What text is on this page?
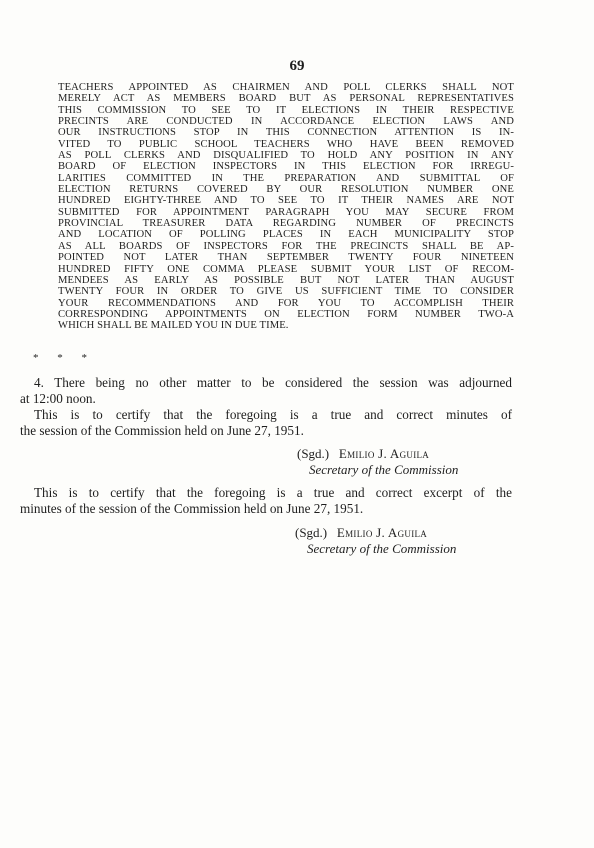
69
TEACHERS APPOINTED AS CHAIRMEN AND POLL CLERKS SHALL NOT
MERELY ACT AS MEMBERS BOARD BUT AS PERSONAL REPRESENTATIVES
THIS COMMISSION TO SEE TO IT ELECTIONS IN THEIR RESPECTIVE
PRECINTS ARE CONDUCTED IN ACCORDANCE ELECTION LAWS AND
OUR INSTRUCTIONS STOP IN THIS CONNECTION ATTENTION IS IN-
VITED TO PUBLIC SCHOOL TEACHERS WHO HAVE BEEN REMOVED
AS POLL CLERKS AND DISQUALIFIED TO HOLD ANY POSITION IN ANY
BOARD OF ELECTION INSPECTORS IN THIS ELECTION FOR IRREGU-
LARITIES COMMITTED IN THE PREPARATION AND SUBMITTAL OF
ELECTION RETURNS COVERED BY OUR RESOLUTION NUMBER ONE
HUNDRED EIGHTY-THREE AND TO SEE TO IT THEIR NAMES ARE NOT
SUBMITTED FOR APPOINTMENT PARAGRAPH YOU MAY SECURE FROM
PROVINCIAL TREASURER DATA REGARDING NUMBER OF PRECINCTS
AND LOCATION OF POLLING PLACES IN EACH MUNICIPALITY STOP
AS ALL BOARDS OF INSPECTORS FOR THE PRECINCTS SHALL BE AP-
POINTED NOT LATER THAN SEPTEMBER TWENTY FOUR NINETEEN
HUNDRED FIFTY ONE COMMA PLEASE SUBMIT YOUR LIST OF RECOM-
MENDEES AS EARLY AS POSSIBLE BUT NOT LATER THAN AUGUST
TWENTY FOUR IN ORDER TO GIVE US SUFFICIENT TIME TO CONSIDER
YOUR RECOMMENDATIONS AND FOR YOU TO ACCOMPLISH THEIR
CORRESPONDING APPOINTMENTS ON ELECTION FORM NUMBER TWO-A
WHICH SHALL BE MAILED YOU IN DUE TIME.
* * *
4. There being no other matter to be considered the session was adjourned
at 12:00 noon.
This is to certify that the foregoing is a true and correct minutes of
the session of the Commission held on June 27, 1951.
(Sgd.) Emilio J. Aguila
Secretary of the Commission
This is to certify that the foregoing is a true and correct excerpt of the
minutes of the session of the Commission held on June 27, 1951.
(Sgd.) Emilio J. Aguila
Secretary of the Commission
